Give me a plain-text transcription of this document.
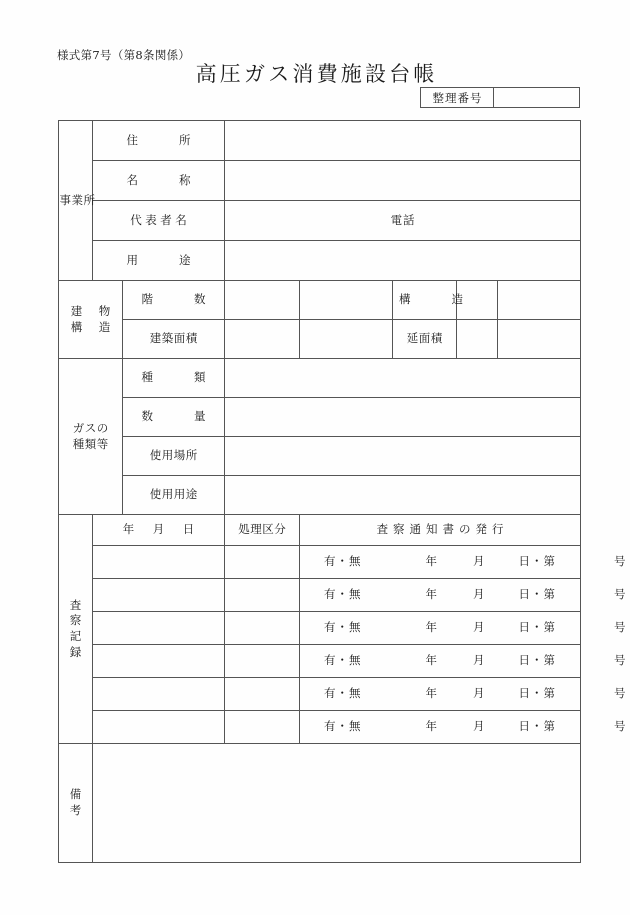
様式第7号（第8条関係）
高圧ガス消費施設台帳
整理番号
事業所	住　　所						
	名　　称						
	代表者名		電話				
	用　　途						

建　物
構　造		階　　数			構　　造		
		建築面積			延面積		

ガスの
種類等		種　　類					
		数　　量					
		使用場所					
		使用用途					

査
察
記
録	年　月　日		処理区分	査察通知書の発行			

				有・無 年 月 日・第 号			

				有・無 年 月 日・第 号			

				有・無 年 月 日・第 号			

				有・無 年 月 日・第 号			

				有・無 年 月 日・第 号			

				有・無 年 月 日・第 号			

備
考							
